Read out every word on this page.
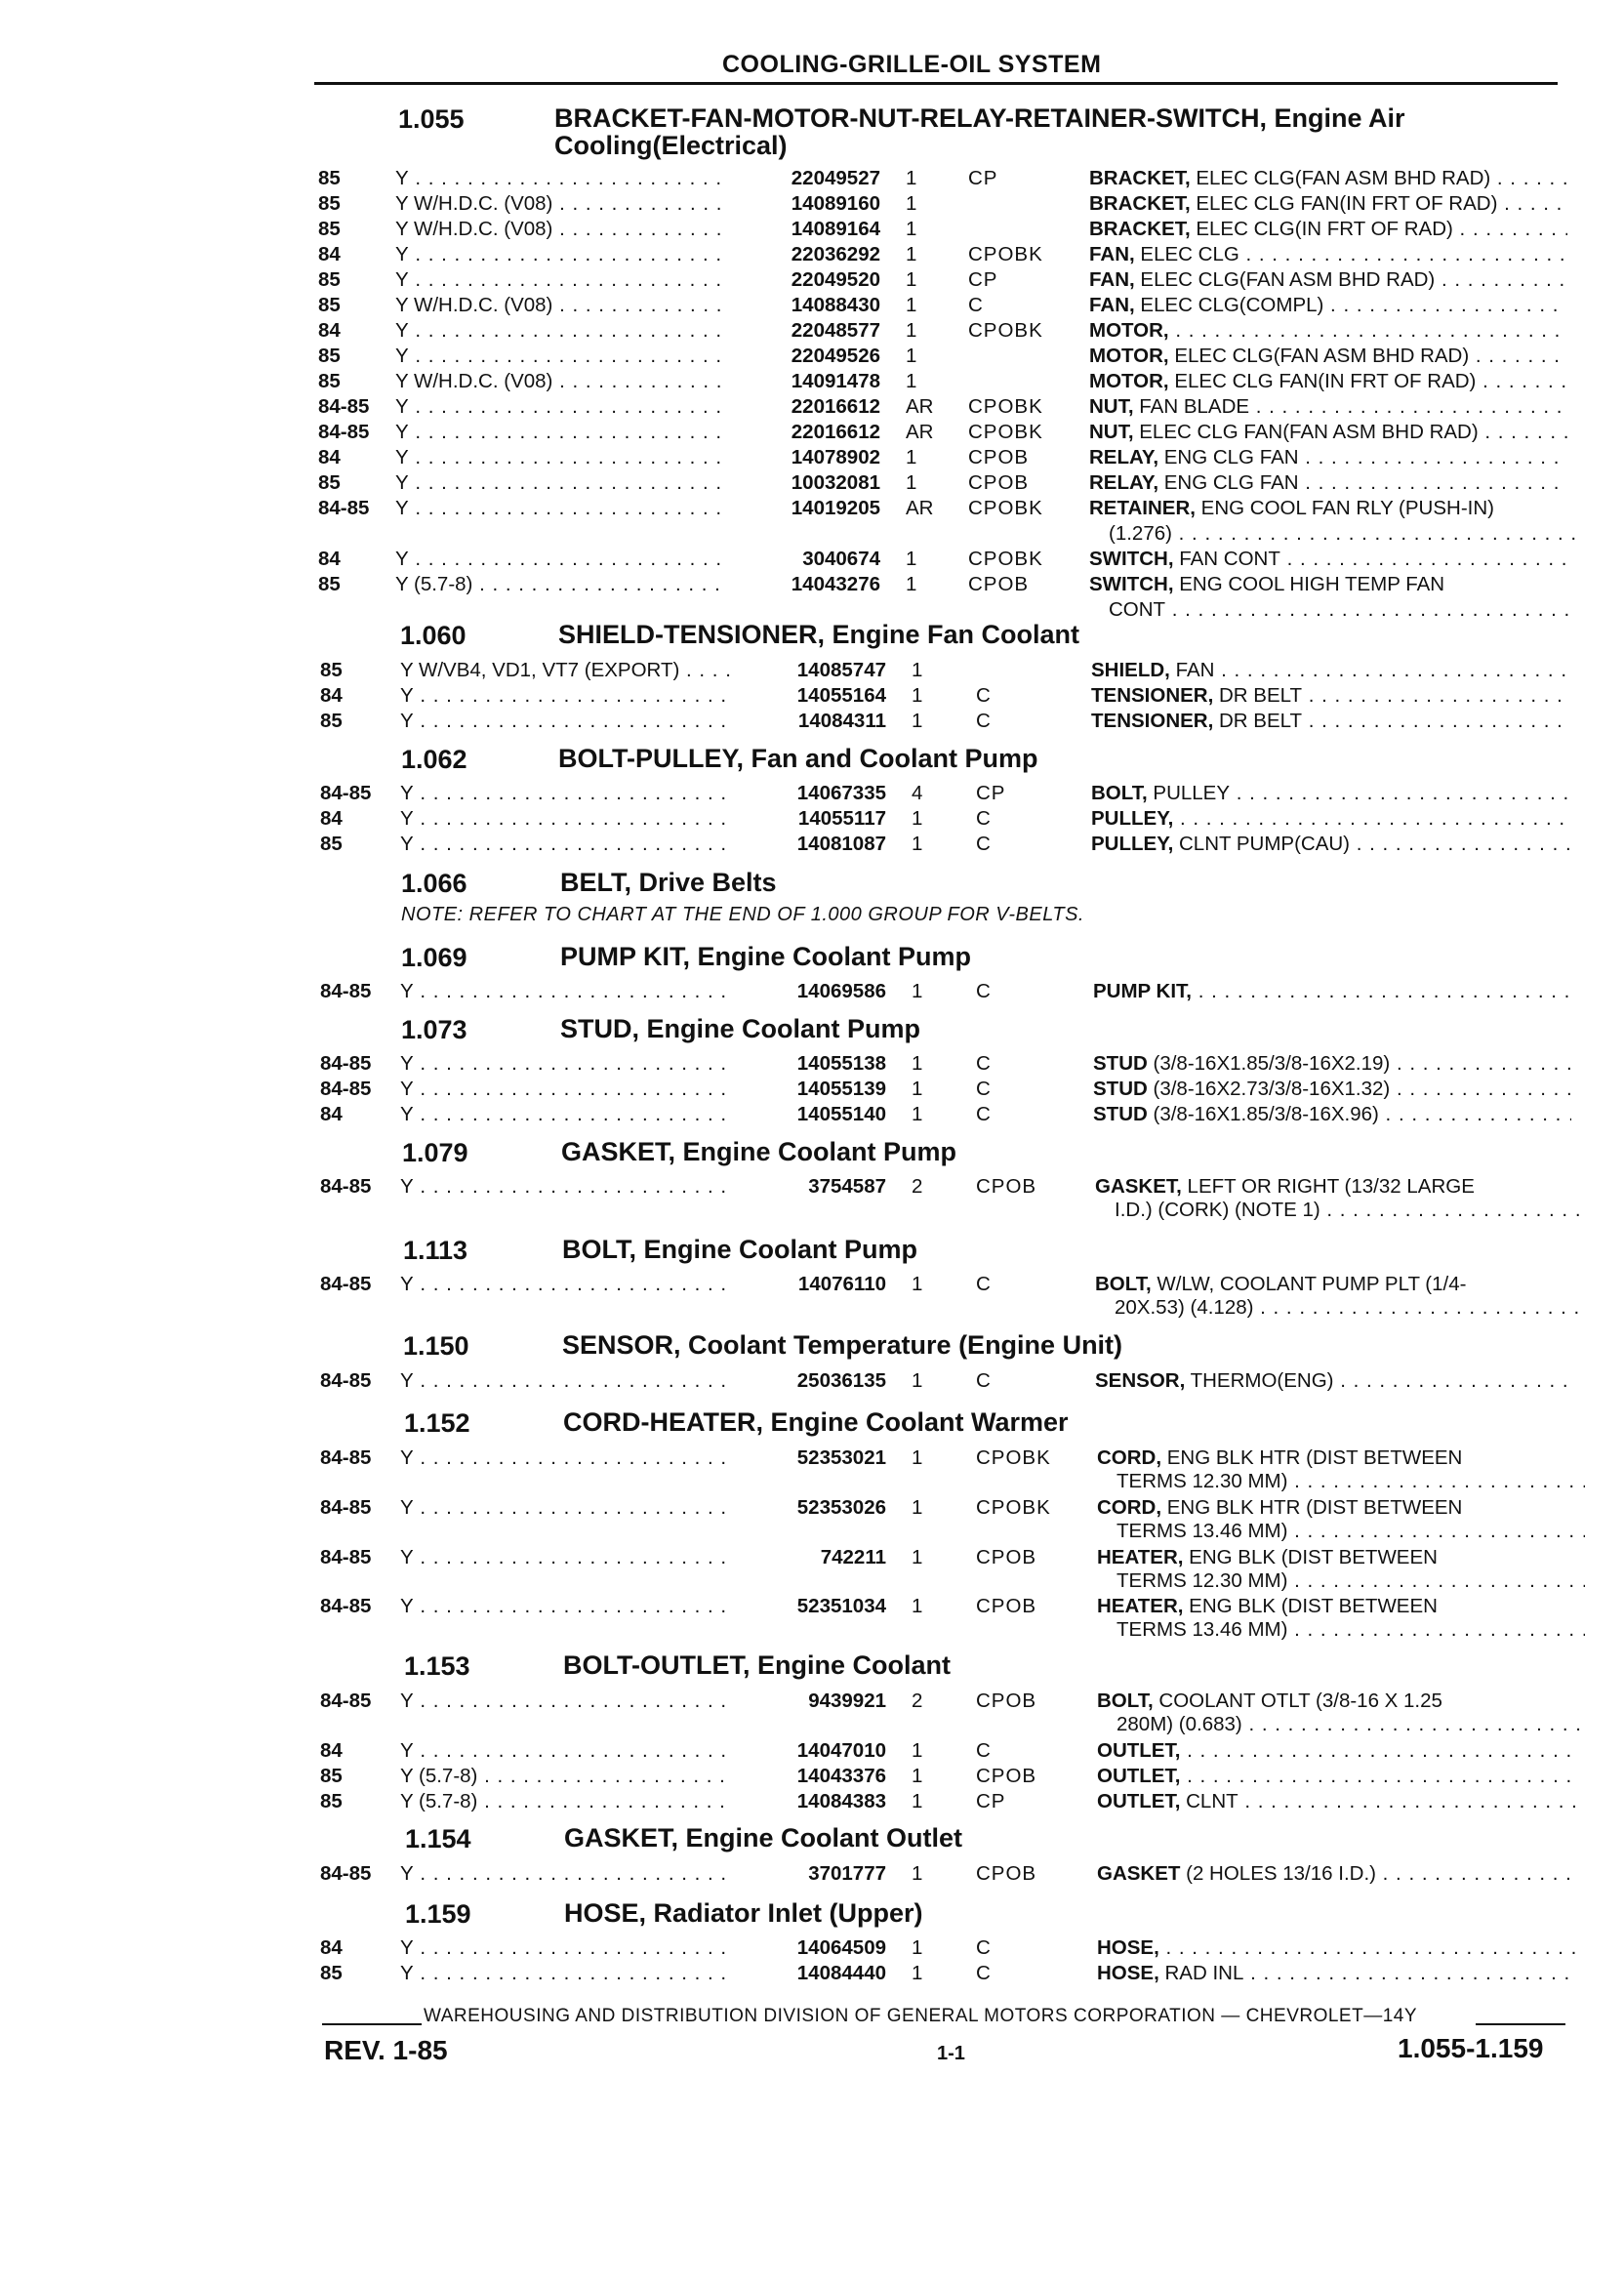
COOLING-GRILLE-OIL SYSTEM
1.055	BRACKET-FAN-MOTOR-NUT-RELAY-RETAINER-SWITCH, Engine Air Cooling(Electrical)
85	Y . . .	22049527 1	CP	BRACKET, ELEC CLG(FAN ASM BHD RAD) . . .
85	Y W/H.D.C. (V08) . . .	14089160 1	BRACKET, ELEC CLG FAN(IN FRT OF RAD) . . .
85	Y W/H.D.C. (V08) . . .	14089164 1	BRACKET, ELEC CLG(IN FRT OF RAD) . . .
84	Y . . .	22036292 1	CPOBK FAN, ELEC CLG . . .
85	Y . . .	22049520 1	CP	FAN, ELEC CLG(FAN ASM BHD RAD) . . .
85	Y W/H.D.C. (V08) . . .	14088430 1	C	FAN, ELEC CLG(COMPL) . . .
84	Y . . .	22048577 1	CPOBK MOTOR, . . .
85	Y . . .	22049526 1	MOTOR, ELEC CLG(FAN ASM BHD RAD) . . .
85	Y W/H.D.C. (V08) . . .	14091478 1	MOTOR, ELEC CLG FAN(IN FRT OF RAD) . . .
84-85 Y . . .	22016612 AR CPOBK NUT, FAN BLADE . . .
84-85 Y . . .	22016612 AR CPOBK NUT, ELEC CLG FAN(FAN ASM BHD RAD) . . .
84	Y . . .	14078902 1	CPOB	RELAY, ENG CLG FAN . . .
85	Y . . .	10032081 1	CPOB	RELAY, ENG CLG FAN . . .
84-85 Y . . .	14019205 AR CPOBK RETAINER, ENG COOL FAN RLY (PUSH-IN)
(1.276) . . .
84	Y . . .	3040674 1	CPOBK SWITCH, FAN CONT . . .
85	Y (5.7-8) . . .	14043276 1	CPOB	SWITCH, ENG COOL HIGH TEMP FAN
CONT . . .
1.060	SHIELD-TENSIONER, Engine Fan Coolant
85	Y W/VB4, VD1, VT7 (EXPORT) . . .	14085747 1	SHIELD, FAN . . .
84	Y . . .	14055164 1	C	TENSIONER, DR BELT . . .
85	Y . . .	14084311 1	C	TENSIONER, DR BELT . . .
1.062	BOLT-PULLEY, Fan and Coolant Pump
84-85 Y . . .	14067335 4	CP	BOLT, PULLEY . . .
84	Y . . .	14055117 1	C	PULLEY, . . .
85	Y . . .	14081087 1	C	PULLEY, CLNT PUMP(CAU) . . .
1.066	BELT, Drive Belts
NOTE: REFER TO CHART AT THE END OF 1.000 GROUP FOR V-BELTS.
1.069	PUMP KIT, Engine Coolant Pump
84-85 Y . . .	14069586 1	C	PUMP KIT, . . .
1.073	STUD, Engine Coolant Pump
84-85 Y . . .	14055138 1	C	STUD (3/8-16X1.85/3/8-16X2.19) . . .
84-85 Y . . .	14055139 1	C	STUD (3/8-16X2.73/3/8-16X1.32) . . .
84	Y . . .	14055140 1	C	STUD (3/8-16X1.85/3/8-16X.96) . . .
1.079	GASKET, Engine Coolant Pump
84-85 Y . . .	3754587 2	CPOB	GASKET, LEFT OR RIGHT (13/32 LARGE
I.D.) (CORK) (NOTE 1) . . .
1.113	BOLT, Engine Coolant Pump
84-85 Y . . .	14076110 1	C	BOLT, W/LW, COOLANT PUMP PLT (1/4-
20X.53) (4.128) . . .
1.150	SENSOR, Coolant Temperature (Engine Unit)
84-85 Y . . .	25036135 1	C	SENSOR, THERMO(ENG) . . .
1.152	CORD-HEATER, Engine Coolant Warmer
84-85 Y . . .	52353021 1	CPOBK CORD, ENG BLK HTR (DIST BETWEEN
TERMS 12.30 MM) . . .
84-85 Y . . .	52353026 1	CPOBK CORD, ENG BLK HTR (DIST BETWEEN
TERMS 13.46 MM) . . .
84-85 Y . . .	742211 1	CPOB	HEATER, ENG BLK (DIST BETWEEN
TERMS 12.30 MM) . . .
84-85 Y . . .	52351034 1	CPOB	HEATER, ENG BLK (DIST BETWEEN
TERMS 13.46 MM) . . .
1.153	BOLT-OUTLET, Engine Coolant
84-85 Y . . .	9439921 2	CPOB	BOLT, COOLANT OTLT (3/8-16 X 1.25
280M) (0.683) . . .
84	Y . . .	14047010 1	C	OUTLET, . . .
85	Y (5.7-8) . . .	14043376 1	CPOB	OUTLET, . . .
85	Y (5.7-8) . . .	14084383 1	CP	OUTLET, CLNT . . .
1.154	GASKET, Engine Coolant Outlet
84-85 Y . . .	3701777 1	CPOB	GASKET (2 HOLES 13/16 I.D.) . . .
1.159	HOSE, Radiator Inlet (Upper)
84	Y . . .	14064509 1	C	HOSE, . . .
85	Y . . .	14084440 1	C	HOSE, RAD INL . . .
WAREHOUSING AND DISTRIBUTION DIVISION OF GENERAL MOTORS CORPORATION — CHEVROLET—14Y
REV. 1-85	1-1	1.055-1.159
